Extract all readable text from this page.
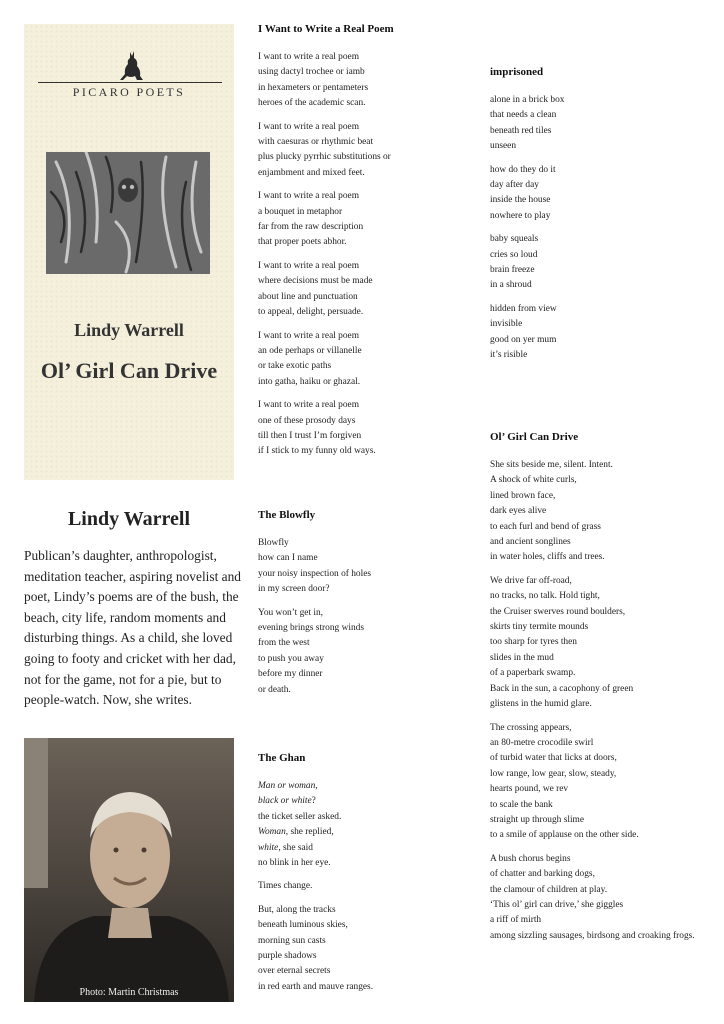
PICARO POETS
Lindy Warrell
Ol’ Girl Can Drive
Lindy Warrell
Publican’s daughter, anthropologist, meditation teacher, aspiring novelist and poet, Lindy’s poems are of the bush, the beach, city life, random moments and disturbing things. As a child, she loved going to footy and cricket with her dad, not for the game, not for a pie, but to people-watch. Now, she writes.
Photo: Martin Christmas
I Want to Write a Real Poem
I want to write a real poem
using dactyl trochee or iamb
in hexameters or pentameters
heroes of the academic scan.
I want to write a real poem
with caesuras or rhythmic beat
plus plucky pyrrhic substitutions or
enjambment and mixed feet.
I want to write a real poem
a bouquet in metaphor
far from the raw description
that proper poets abhor.
I want to write a real poem
where decisions must be made
about line and punctuation
to appeal, delight, persuade.
I want to write a real poem
an ode perhaps or villanelle
or take exotic paths
into gatha, haiku or ghazal.
I want to write a real poem
one of these prosody days
till then I trust I’m forgiven
if I stick to my funny old ways.
The Blowfly
Blowfly
how can I name
your noisy inspection of holes
in my screen door?
You won’t get in,
evening brings strong winds
from the west
to push you away
before my dinner
or death.
The Ghan
Man or woman,
black or white?
the ticket seller asked.
Woman, she replied,
white, she said
no blink in her eye.
Times change.
But, along the tracks
beneath luminous skies,
morning sun casts
purple shadows
over eternal secrets
in red earth and mauve ranges.
imprisoned
alone in a brick box
that needs a clean
beneath red tiles
unseen
how do they do it
day after day
inside the house
nowhere to play
baby squeals
cries so loud
brain freeze
in a shroud
hidden from view
invisible
good on yer mum
it’s risible
Ol’ Girl Can Drive
She sits beside me, silent. Intent.
A shock of white curls,
lined brown face,
dark eyes alive
to each furl and bend of grass
and ancient songlines
in water holes, cliffs and trees.
We drive far off-road,
no tracks, no talk. Hold tight,
the Cruiser swerves round boulders,
skirts tiny termite mounds
too sharp for tyres then
slides in the mud
of a paperbark swamp.
Back in the sun, a cacophony of green
glistens in the humid glare.
The crossing appears,
an 80-metre crocodile swirl
of turbid water that licks at doors,
low range, low gear, slow, steady,
hearts pound, we rev
to scale the bank
straight up through slime
to a smile of applause on the other side.
A bush chorus begins
of chatter and barking dogs,
the clamour of children at play.
‘This ol’ girl can drive,’ she giggles
a riff of mirth
among sizzling sausages, birdsong and croaking frogs.
